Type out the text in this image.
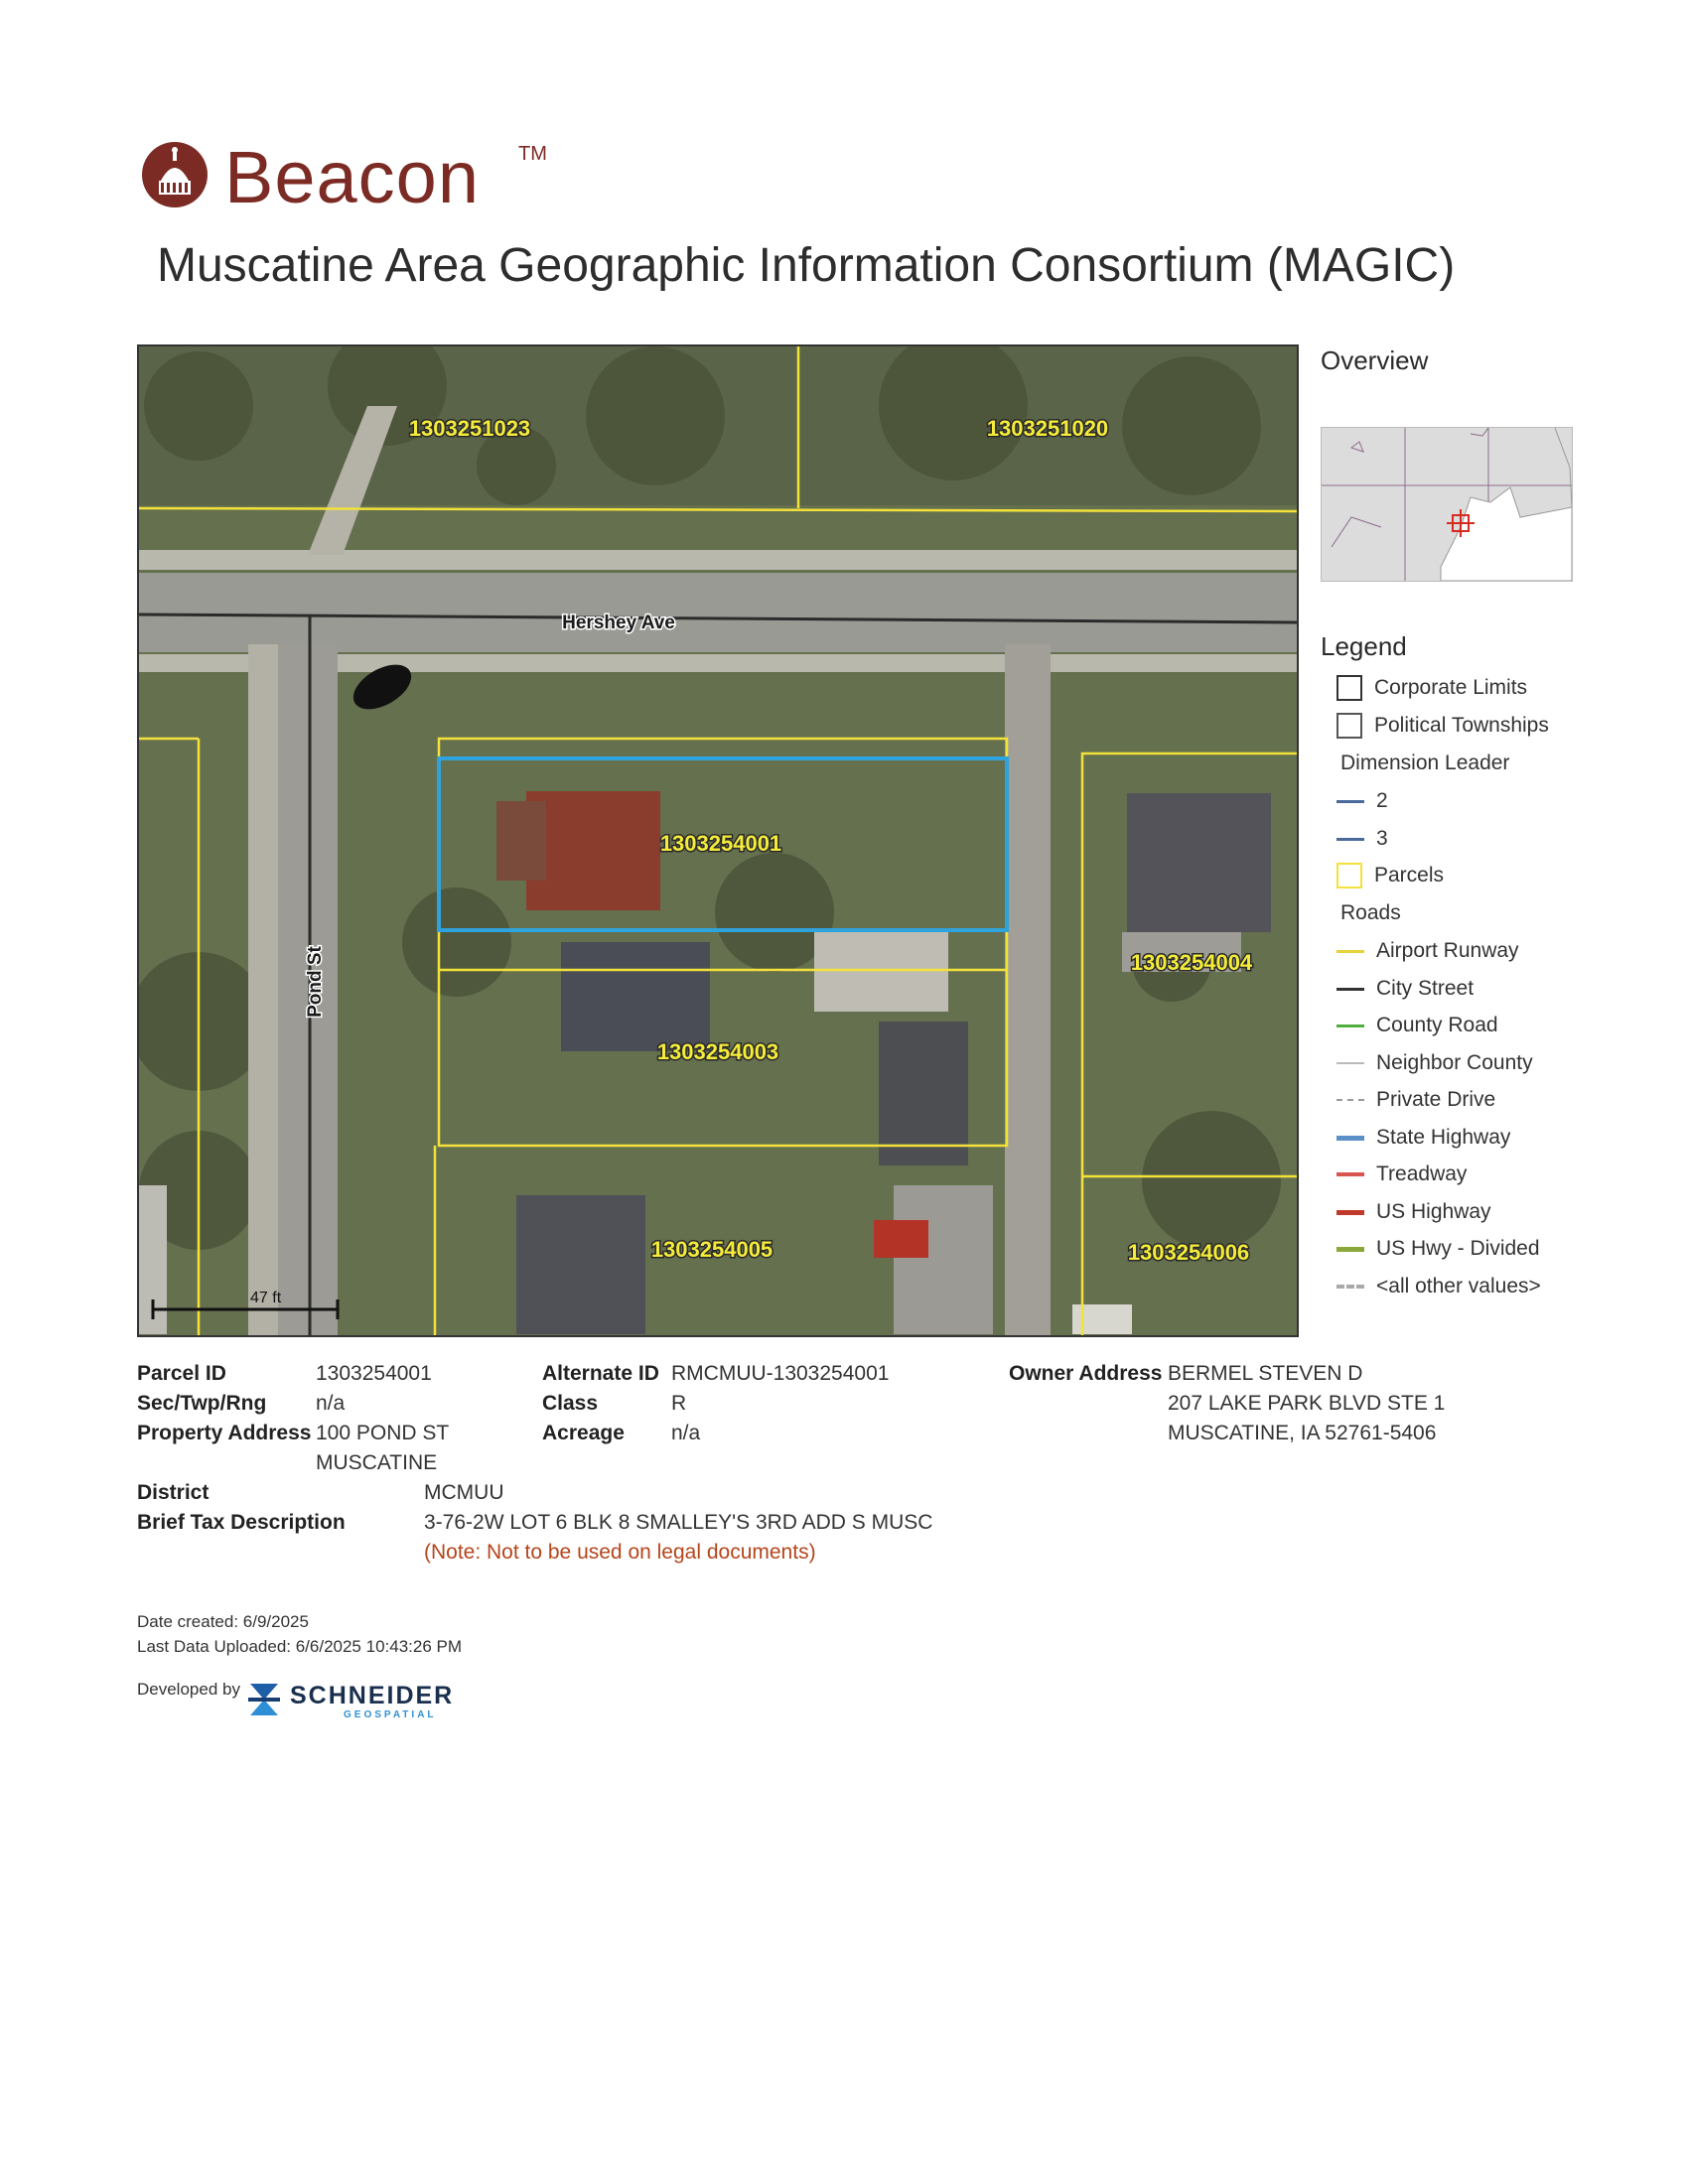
Beacon TM
Muscatine Area Geographic Information Consortium (MAGIC)
Hershey Ave
Pond St
1303251023	1303251020
1303254001
1303254003
1303254004
1303254005	1303254006
47 ft
Overview
Legend
Corporate Limits
Political Townships
Dimension Leader
2
3
Parcels
Roads
Airport Runway
City Street
County Road
Neighbor County
Private Drive
State Highway
Treadway
US Highway
US Hwy - Divided
<all other values>
Parcel ID	1303254001
Sec/Twp/Rng n/a
Property Address 100 POND ST
MUSCATINE
District	MCMUU
Brief Tax Description	3-76-2W LOT 6 BLK 8 SMALLEY'S 3RD ADD S MUSC
(Note: Not to be used on legal documents)
Alternate ID RMCMUU-1303254001
Class	R
Acreage n/a
Owner Address BERMEL STEVEN D
207 LAKE PARK BLVD STE 1
MUSCATINE, IA 52761-5406
Date created: 6/9/2025
Last Data Uploaded: 6/6/2025 10:43:26 PM
Developed by SCHNEIDER
GEOSPATIAL
